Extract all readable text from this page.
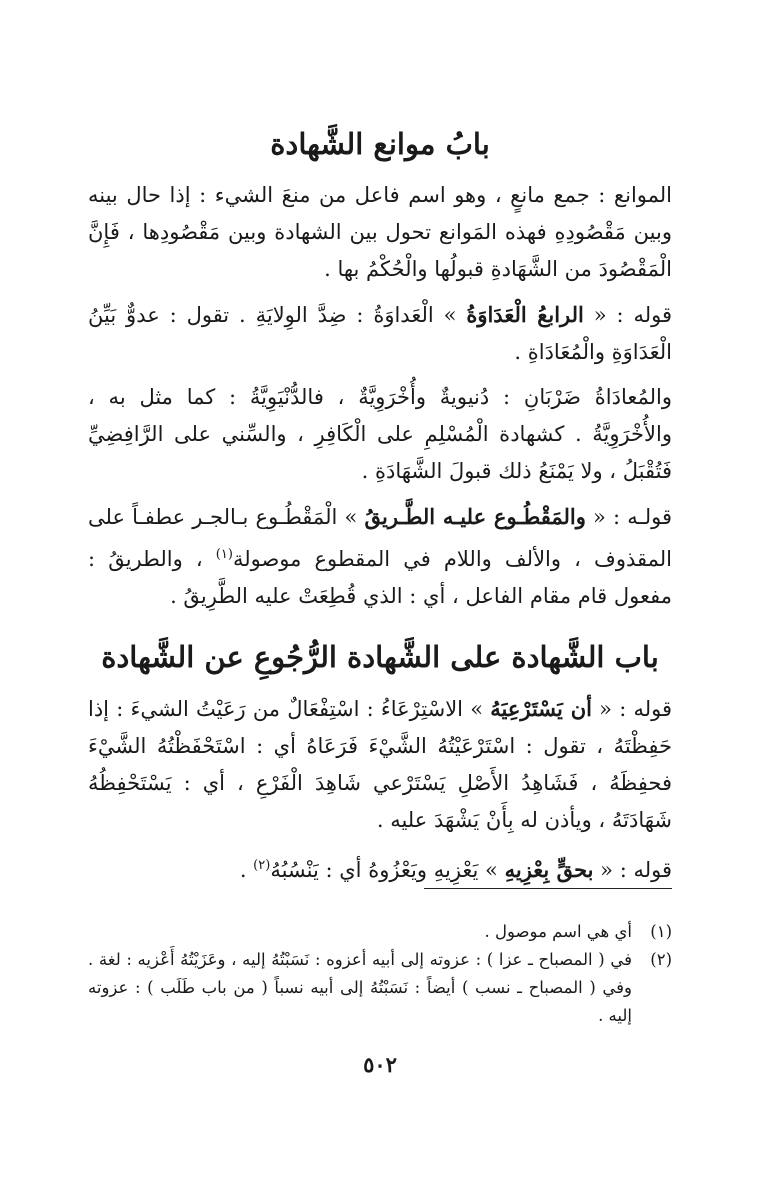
بابُ موانع الشَّهادة

الموانع : جمع مانعٍ ، وهو اسم فاعل من منعَ الشيء : إذا حال بينه وبين مَقْصُودِهِ فهذه المَوانع تحول بين الشهادة وبين مَقْصُودِها ، فَإِنَّ الْمَقْصُودَ من الشَّهَادةِ قبولُها والْحُكْمُ بها .

قوله : « الرابعُ الْعَدَاوَةُ » الْعَداوَةُ : ضِدَّ الوِلايَةِ . تقول : عدوٌّ بَيِّنُ الْعَدَاوَةِ والْمُعَادَاةِ .

والمُعادَاةُ ضَرْبَانِ : دُنيويةٌ وأُخْرَوِيَّةٌ ، فالدُّنْيَوِيَّةُ : كما مثل به ، والأُخْرَوِيَّةُ . كشهادة الْمُسْلِمِ على الْكَافِرِ ، والسِّني على الرَّافِضِيِّ فَتُقْبَلُ ، ولا يَمْنَعُ ذلك قبولَ الشَّهَادَةِ .

قولـه : « والمَقْطُـوع عليـه الطَّـريقُ » الْمَقْطُـوع بـالجـر عطفـاً على المقذوف ، والألف واللام في المقطوع موصولة$^{(١)}$ ، والطريقُ : مفعول قام مقام الفاعل ، أي : الذي قُطِعَتْ عليه الطَّرِيقُ .

باب الشَّهادة على الشَّهادة الرُّجُوعِ عن الشَّهادة

قوله : « أن يَسْتَرْعِيَهُ » الاسْتِرْعَاءُ : اسْتِفْعَالٌ من رَعَيْتُ الشيءَ : إذا حَفِظْتَهُ ، تقول : اسْتَرْعَيْتُهُ الشَّيْءَ فَرَعَاهُ أي : اسْتَحْفَظْتُهُ الشَّيْءَ فحفِظَهُ ، فَشَاهِدُ الأَصْلِ يَسْتَرْعي شَاهِدَ الْفَرْعِ ، أي : يَسْتَحْفِظُهُ شَهَادَتَهُ ، ويأذن له بِأَنْ يَشْهَدَ عليه .

قوله : « بحقٍّ بِعْزِيهِ » يَعْزِيهِ ويَعْزُوهُ أي : يَنْسُبُهُ$^{(٢)}$ .

(١)
أي هي اسم موصول .
(٢)
في ( المصباح ـ عزا ) : عزوته إلى أبيه أعزوه : نَسَبْتُهُ إليه ، وعَزَيْتُهُ أَعْزيه : لغة . وفي ( المصباح ـ نسب ) أيضاً : نَسَبْتُهُ إلى أبيه نسباً ( من باب طَلَب ) : عزوته إليه .
٥٠٢
